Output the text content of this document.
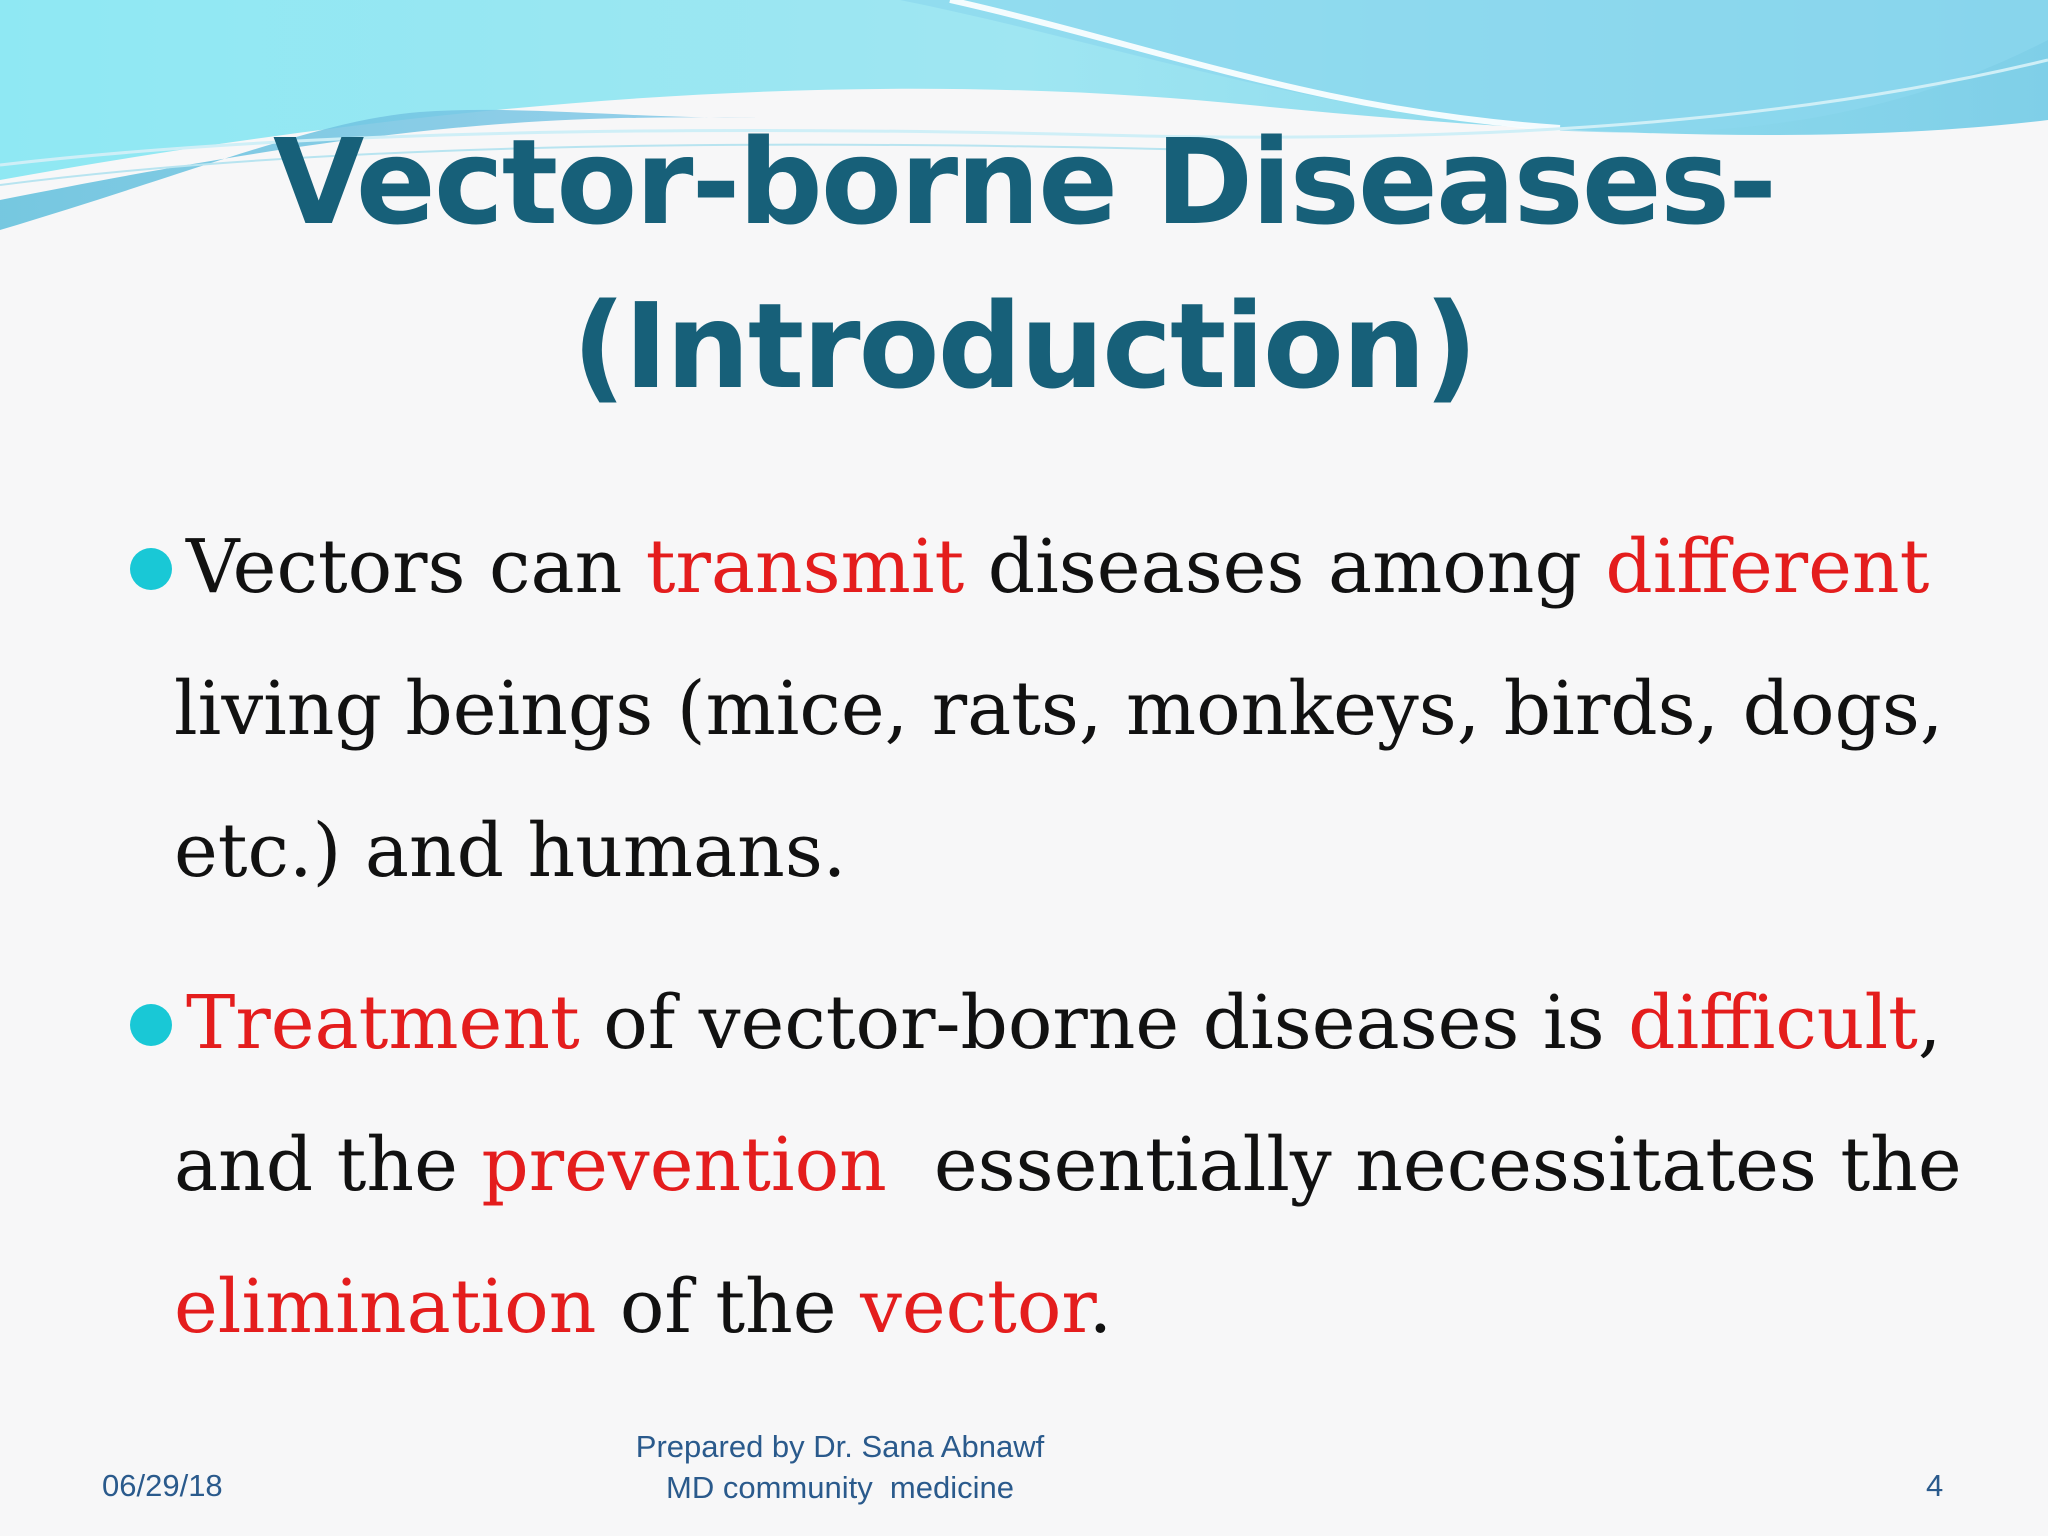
Vector-borne Diseases-
(Introduction)
Vectors can transmit diseases among different
living beings (mice, rats, monkeys, birds, dogs,
etc.) and humans.
Treatment of vector-borne diseases is difficult,
and the prevention  essentially necessitates the
elimination of the vector.
06/29/18
Prepared by Dr. Sana Abnawf
MD community  medicine	4
